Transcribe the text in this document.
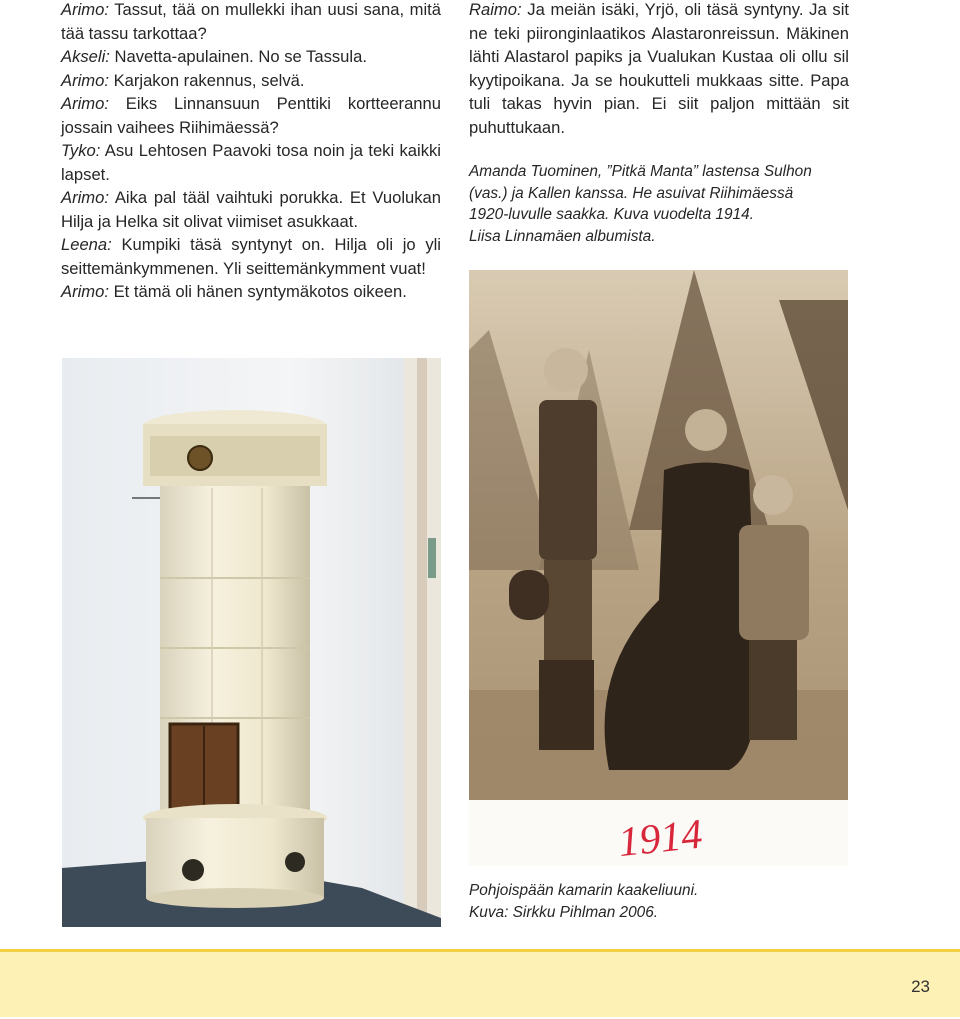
Arimo: Tassut, tää on mullekki ihan uusi sana, mitä tää tassu tarkottaa?

Akseli: Navetta-apulainen. No se Tassula.

Arimo: Karjakon rakennus, selvä.

Arimo: Eiks Linnansuun Penttiki kortteerannu jossain vaihees Riihimäessä?

Tyko: Asu Lehtosen Paavoki tosa noin ja teki kaikki lapset.

Arimo: Aika pal tääl vaihtuki porukka. Et Vuolukan Hilja ja Helka sit olivat viimiset asukkaat.

Leena: Kumpiki täsä syntynyt on. Hilja oli jo yli seittemänkymmenen. Yli seittemänkymment vuat!

Arimo: Et tämä oli hänen syntymäkotos oikeen.

Raimo: Ja meiän isäki, Yrjö, oli täsä syntyny. Ja sit ne teki piironginlaatikos Alastaronreissun. Mäkinen lähti Alastarol papiks ja Vualukan Kustaa oli ollu sil kyytipoikana. Ja se houkutteli mukkaas sitte. Papa tuli takas hyvin pian. Ei siit paljon mittään sit puhuttukaan.

Amanda Tuominen, ”Pitkä Manta” lastensa Sulhon

(vas.) ja Kallen kanssa. He asuivat Riihimäessä

1920-luvulle saakka. Kuva vuodelta 1914.

Liisa Linnamäen albumista.

1914

Pohjoispään kamarin kaakeliuuni.

Kuva: Sirkku Pihlman 2006.

23
